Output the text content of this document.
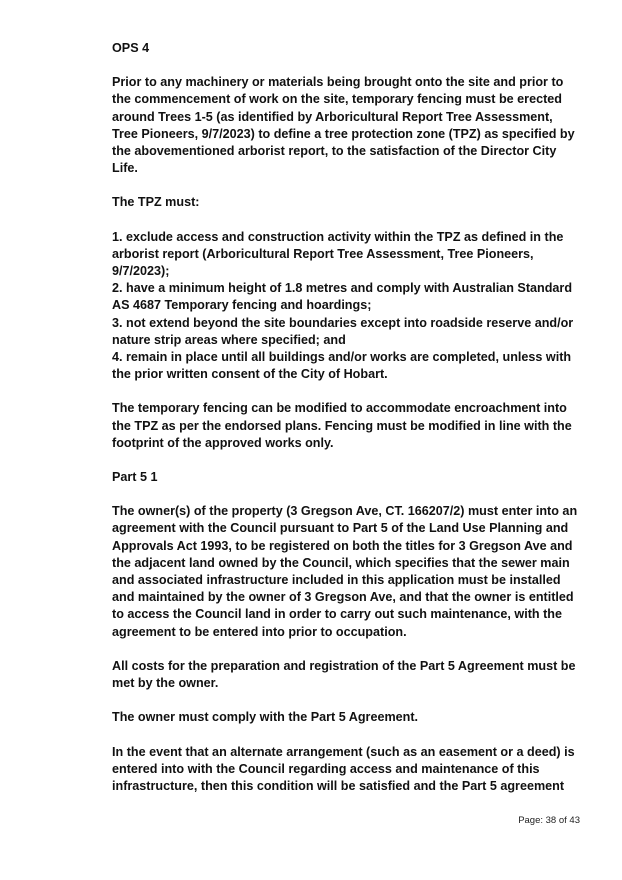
OPS 4

Prior to any machinery or materials being brought onto the site and prior to the commencement of work on the site, temporary fencing must be erected around Trees 1-5 (as identified by Arboricultural Report Tree Assessment, Tree Pioneers, 9/7/2023) to define a tree protection zone (TPZ) as specified by the abovementioned arborist report, to the satisfaction of the Director City Life.

The TPZ must:

1. exclude access and construction activity within the TPZ as defined in the arborist report (Arboricultural Report Tree Assessment, Tree Pioneers, 9/7/2023);

2. have a minimum height of 1.8 metres and comply with Australian Standard AS 4687 Temporary fencing and hoardings;

3. not extend beyond the site boundaries except into roadside reserve and/or nature strip areas where specified; and

4. remain in place until all buildings and/or works are completed, unless with the prior written consent of the City of Hobart.

The temporary fencing can be modified to accommodate encroachment into the TPZ as per the endorsed plans. Fencing must be modified in line with the footprint of the approved works only.

Part 5 1

The owner(s) of the property (3 Gregson Ave, CT. 166207/2) must enter into an agreement with the Council pursuant to Part 5 of the Land Use Planning and Approvals Act 1993, to be registered on both the titles for 3 Gregson Ave and the adjacent land owned by the Council, which specifies that the sewer main and associated infrastructure included in this application must be installed and maintained by the owner of 3 Gregson Ave, and that the owner is entitled to access the Council land in order to carry out such maintenance, with the agreement to be entered into prior to occupation.

All costs for the preparation and registration of the Part 5 Agreement must be met by the owner.

The owner must comply with the Part 5 Agreement.

In the event that an alternate arrangement (such as an easement or a deed) is entered into with the Council regarding access and maintenance of this infrastructure, then this condition will be satisfied and the Part 5 agreement

Page: 38 of 43
